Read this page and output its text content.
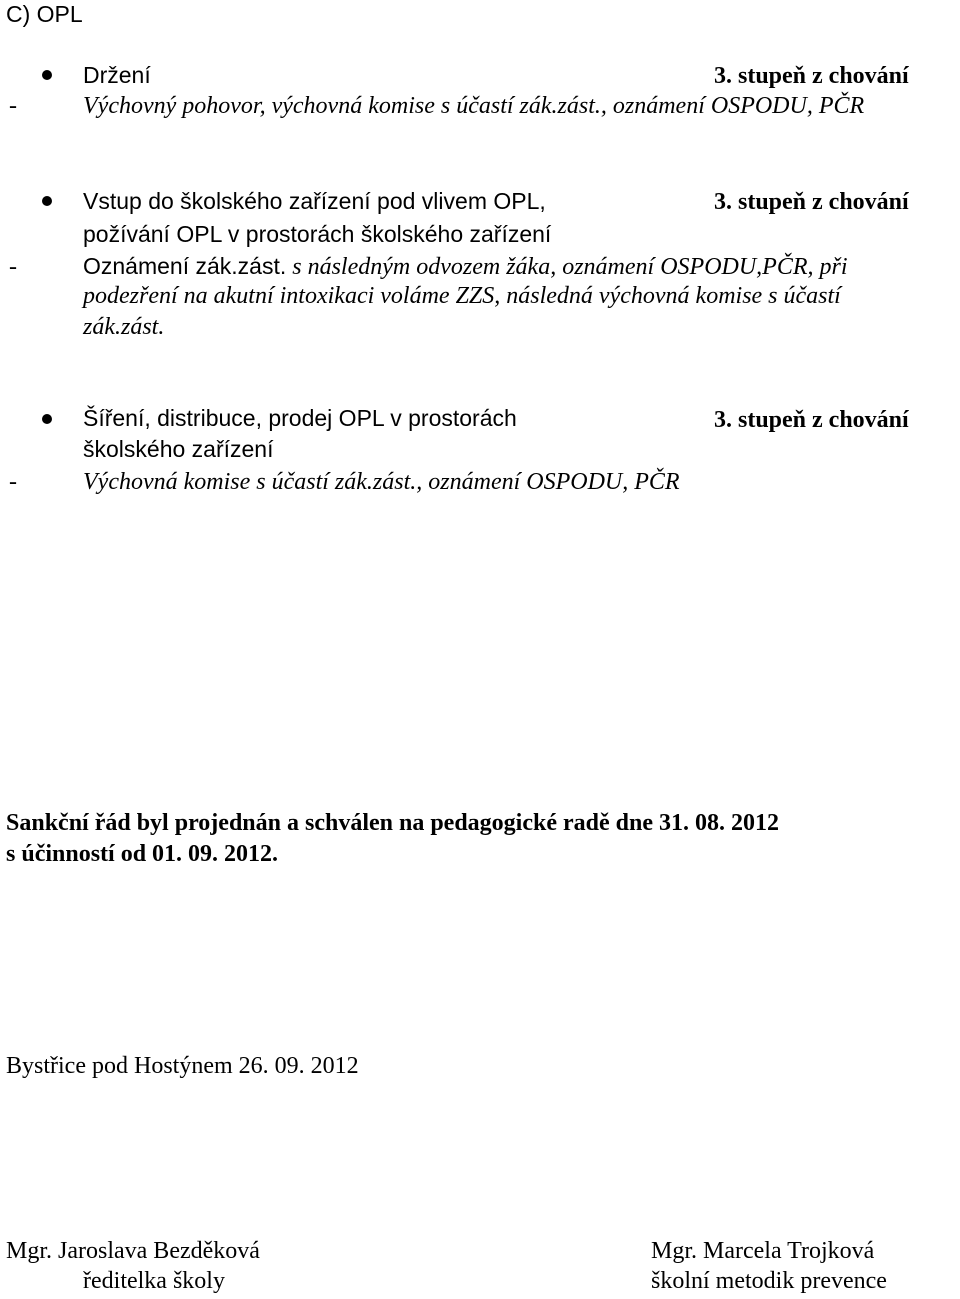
C) OPL
Držení	3. stupeň z chování
-	Výchovný pohovor, výchovná komise s účastí zák.zást., oznámení OSPODU, PČR
Vstup do školského zařízení pod vlivem OPL,	3. stupeň z chování
požívání OPL v prostorách školského zařízení
-	Oznámení zák.zást. s následným odvozem žáka, oznámení OSPODU,PČR, při
podezření na akutní intoxikaci voláme ZZS, následná výchovná komise s účastí
zák.zást.
Šíření, distribuce, prodej OPL v prostorách	3. stupeň z chování
školského zařízení
-	Výchovná komise s účastí zák.zást., oznámení OSPODU, PČR
Sankční řád byl projednán a schválen na pedagogické radě dne 31. 08. 2012
s účinností od 01. 09. 2012.
Bystřice pod Hostýnem 26. 09. 2012
Mgr. Jaroslava Bezděková
ředitelka školy
Mgr. Marcela Trojková
školní metodik prevence
